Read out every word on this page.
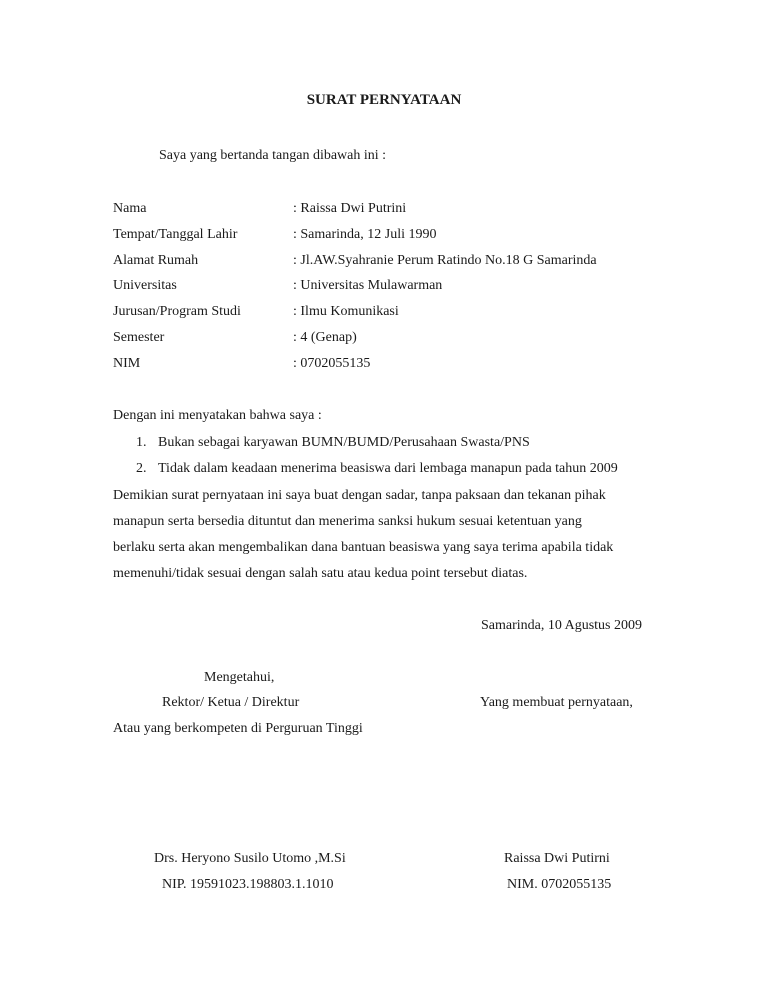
SURAT PERNYATAAN
Saya yang bertanda tangan dibawah ini :
Nama	: Raissa Dwi Putrini
Tempat/Tanggal Lahir	: Samarinda, 12 Juli 1990
Alamat Rumah	: Jl.AW.Syahranie Perum Ratindo No.18 G Samarinda
Universitas	: Universitas Mulawarman
Jurusan/Program Studi	: Ilmu Komunikasi
Semester	: 4 (Genap)
NIM	: 0702055135
Dengan ini menyatakan bahwa saya :
1. Bukan sebagai karyawan BUMN/BUMD/Perusahaan Swasta/PNS
2. Tidak dalam keadaan menerima beasiswa dari lembaga manapun pada tahun 2009
Demikian surat pernyataan ini saya buat dengan sadar, tanpa paksaan dan tekanan pihak
manapun serta bersedia dituntut dan menerima sanksi hukum sesuai ketentuan yang
berlaku serta akan mengembalikan dana bantuan beasiswa yang saya terima apabila tidak
memenuhi/tidak sesuai dengan salah satu atau kedua point tersebut diatas.
Samarinda, 10 Agustus 2009
Mengetahui,
Rektor/ Ketua / Direktur
Atau yang berkompeten di Perguruan Tinggi
Drs. Heryono Susilo Utomo ,M.Si
NIP. 19591023.198803.1.1010
Yang membuat pernyataan,
Raissa Dwi Putirni
NIM. 0702055135
